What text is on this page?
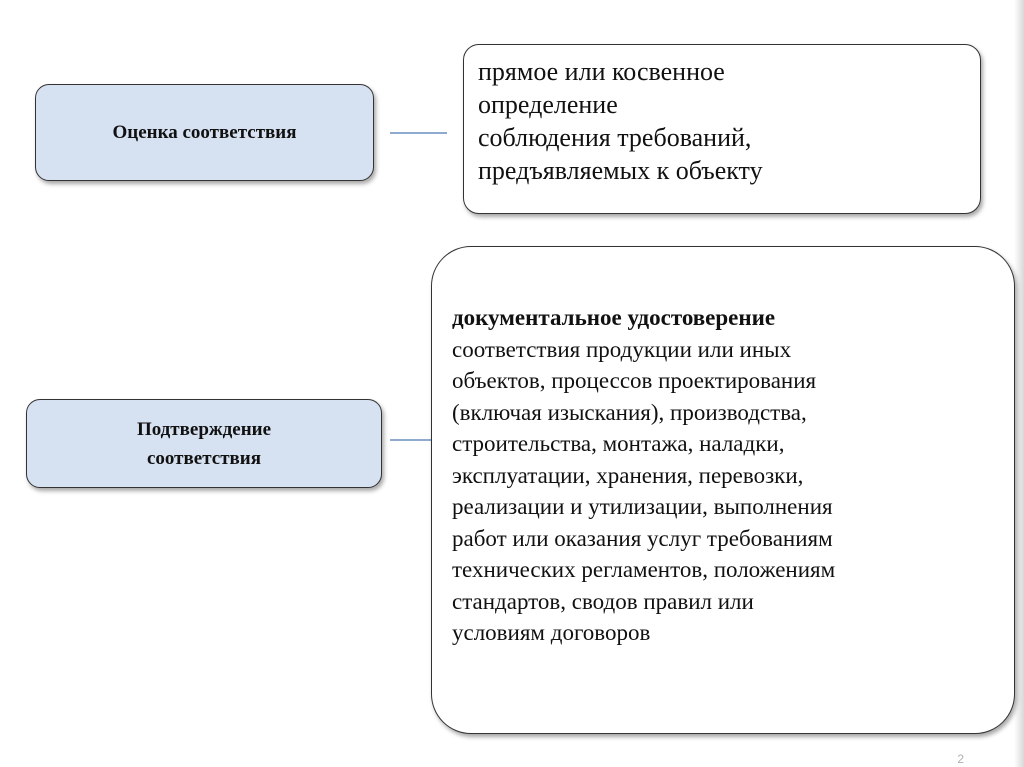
Оценка соответствия
прямое или косвенное
определение
соблюдения требований,
предъявляемых к объекту
Подтверждение
соответствия
документальное удостоверение
соответствия продукции или иных
объектов, процессов проектирования
(включая изыскания), производства,
строительства, монтажа, наладки,
эксплуатации, хранения, перевозки,
реализации и утилизации, выполнения
работ или оказания услуг требованиям
технических регламентов, положениям
стандартов, сводов правил или
условиям договоров
2
